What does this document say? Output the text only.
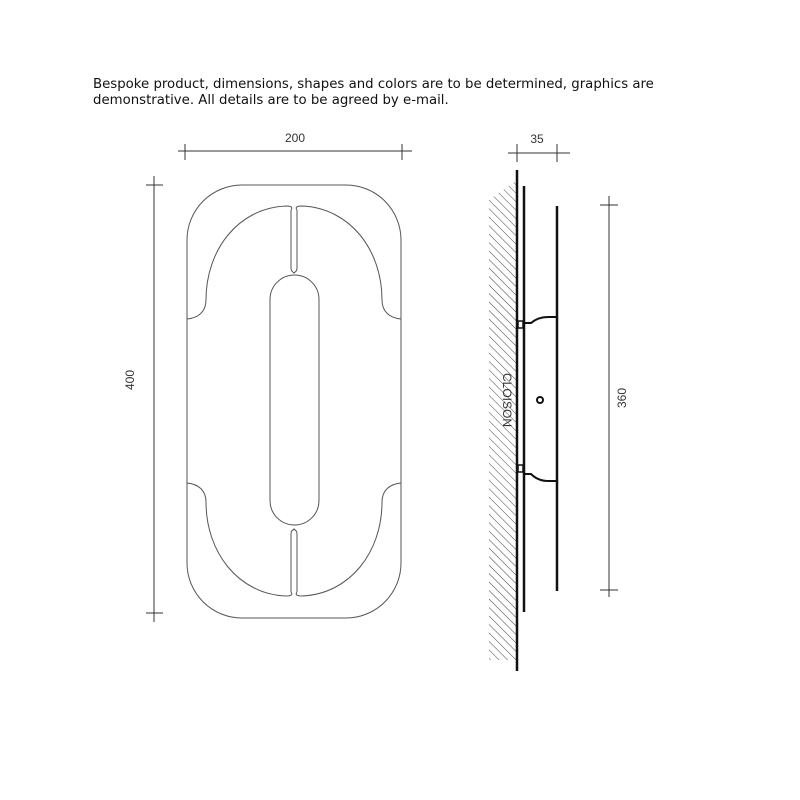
Bespoke product, dimensions, shapes and colors are to be determined, graphics are
demonstrative. All details are to be agreed by e-mail.

200
400	CLOISON
35
360
